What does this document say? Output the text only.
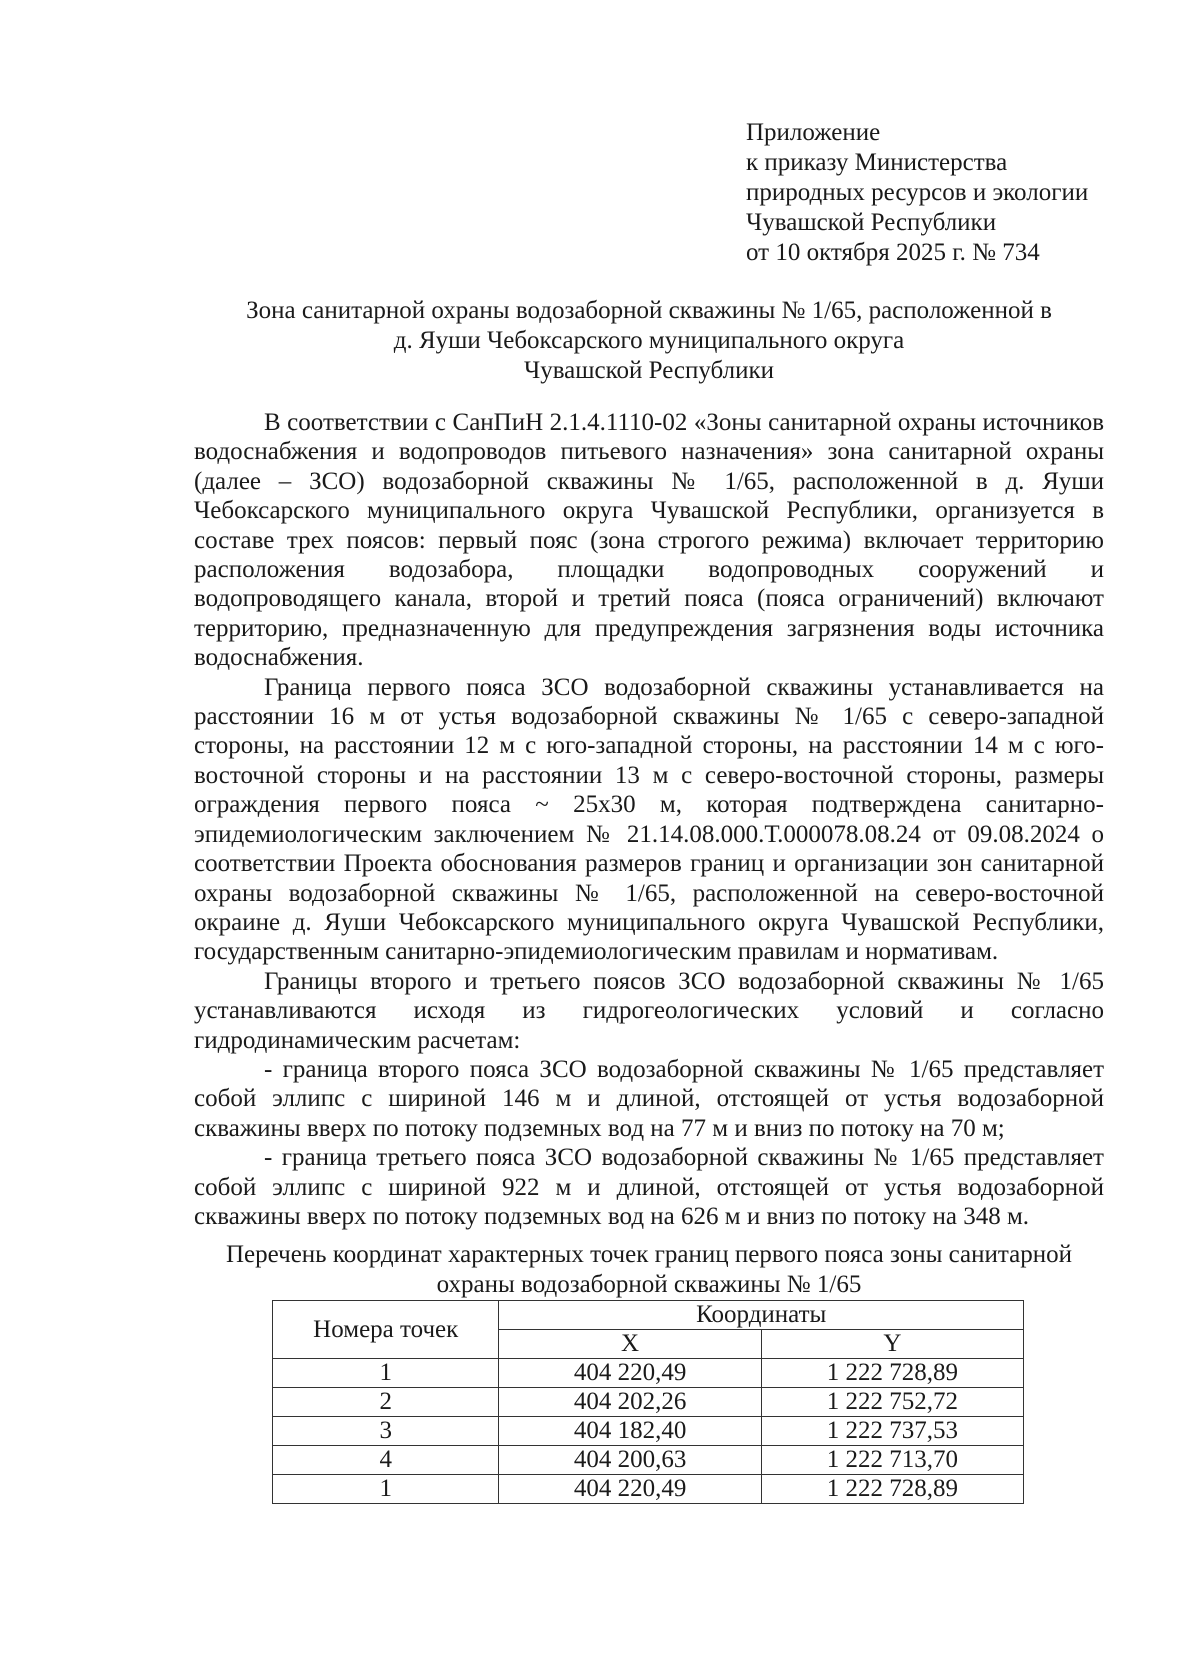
Приложение
к приказу Министерства
природных ресурсов и экологии
Чувашской Республики
от 10 октября 2025 г. № 734
Зона санитарной охраны водозаборной скважины № 1/65, расположенной в
д. Яуши Чебоксарского муниципального округа
Чувашской Республики

В соответствии с СанПиН 2.1.4.1110-02 «Зоны санитарной охраны источников водоснабжения и водопроводов питьевого назначения» зона санитарной охраны (далее – ЗСО) водозаборной скважины № 1/65, расположенной в д. Яуши Чебоксарского муниципального округа Чувашской Республики, организуется в составе трех поясов: первый пояс (зона строгого режима) включает территорию расположения водозабора, площадки водопроводных сооружений и водопроводящего канала, второй и третий пояса (пояса ограничений) включают территорию, предназначенную для предупреждения загрязнения воды источника водоснабжения.

Граница первого пояса ЗСО водозаборной скважины устанавливается на расстоянии 16 м от устья водозаборной скважины № 1/65 с северо-западной стороны, на расстоянии 12 м с юго-западной стороны, на расстоянии 14 м с юго-восточной стороны и на расстоянии 13 м с северо-восточной стороны, размеры ограждения первого пояса ~ 25х30 м, которая подтверждена санитарно-эпидемиологическим заключением № 21.14.08.000.Т.000078.08.24 от 09.08.2024 о соответствии Проекта обоснования размеров границ и организации зон санитарной охраны водозаборной скважины № 1/65, расположенной на северо-восточной окраине д. Яуши Чебоксарского муниципального округа Чувашской Республики, государственным санитарно-эпидемиологическим правилам и нормативам.

Границы второго и третьего поясов ЗСО водозаборной скважины № 1/65 устанавливаются исходя из гидрогеологических условий и согласно гидродинамическим расчетам:

- граница второго пояса ЗСО водозаборной скважины № 1/65 представляет собой эллипс с шириной 146 м и длиной, отстоящей от устья водозаборной скважины вверх по потоку подземных вод на 77 м и вниз по потоку на 70 м;

- граница третьего пояса ЗСО водозаборной скважины № 1/65 представляет собой эллипс с шириной 922 м и длиной, отстоящей от устья водозаборной скважины вверх по потоку подземных вод на 626 м и вниз по потоку на 348 м.

Перечень координат характерных точек границ первого пояса зоны санитарной
охраны водозаборной скважины № 1/65
Номера точек	Координаты	
	X	Y
1	404 220,49	1 222 728,89
2	404 202,26	1 222 752,72
3	404 182,40	1 222 737,53
4	404 200,63	1 222 713,70
1	404 220,49	1 222 728,89
